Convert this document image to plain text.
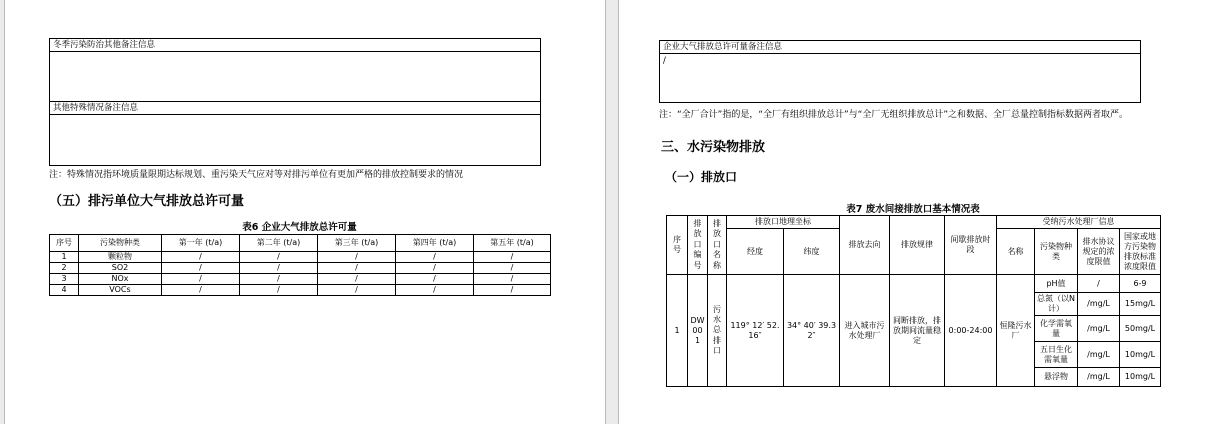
冬季污染防治其他备注信息
其他特殊情况备注信息
注：特殊情况指环境质量限期达标规划、重污染天气应对等对排污单位有更加严格的排放控制要求的情况
（五）排污单位大气排放总许可量
表6 企业大气排放总许可量
序号	污染物种类	第一年 (t/a)	第二年 (t/a)	第三年 (t/a)	第四年 (t/a)	第五年 (t/a)
1	颗粒物	/	/	/	/	/
2	SO2	/	/	/	/	/
3	NOx	/	/	/	/	/
4	VOCs	/	/	/	/	/
企业大气排放总许可量备注信息
/
注：“全厂合计”指的是，“全厂有组织排放总计”与“全厂无组织排放总计”之和数据、全厂总量控制指标数据两者取严。
三、水污染物排放
（一）排放口
表7 废水间接排放口基本情况表
序号	排放口编号	排放口名称	排放口地理坐标		排放去向	排放规律	间歇排放时段	受纳污水处理厂信息			
			经度	纬度				名称	污染物种类	排水协议规定的浓度限值	国家或地方污染物排放标准浓度限值
1	DW001	污水总排口	119° 12′ 52.16″	34° 40′ 39.32″	进入城市污水处理厂	间断排放，排放期间流量稳定	0:00-24:00	恒隆污水厂	pH值	/	6-9
									总氮（以N计）	/mg/L	15mg/L
									化学需氧量	/mg/L	50mg/L
									五日生化需氧量	/mg/L	10mg/L
									悬浮物	/mg/L	10mg/L
